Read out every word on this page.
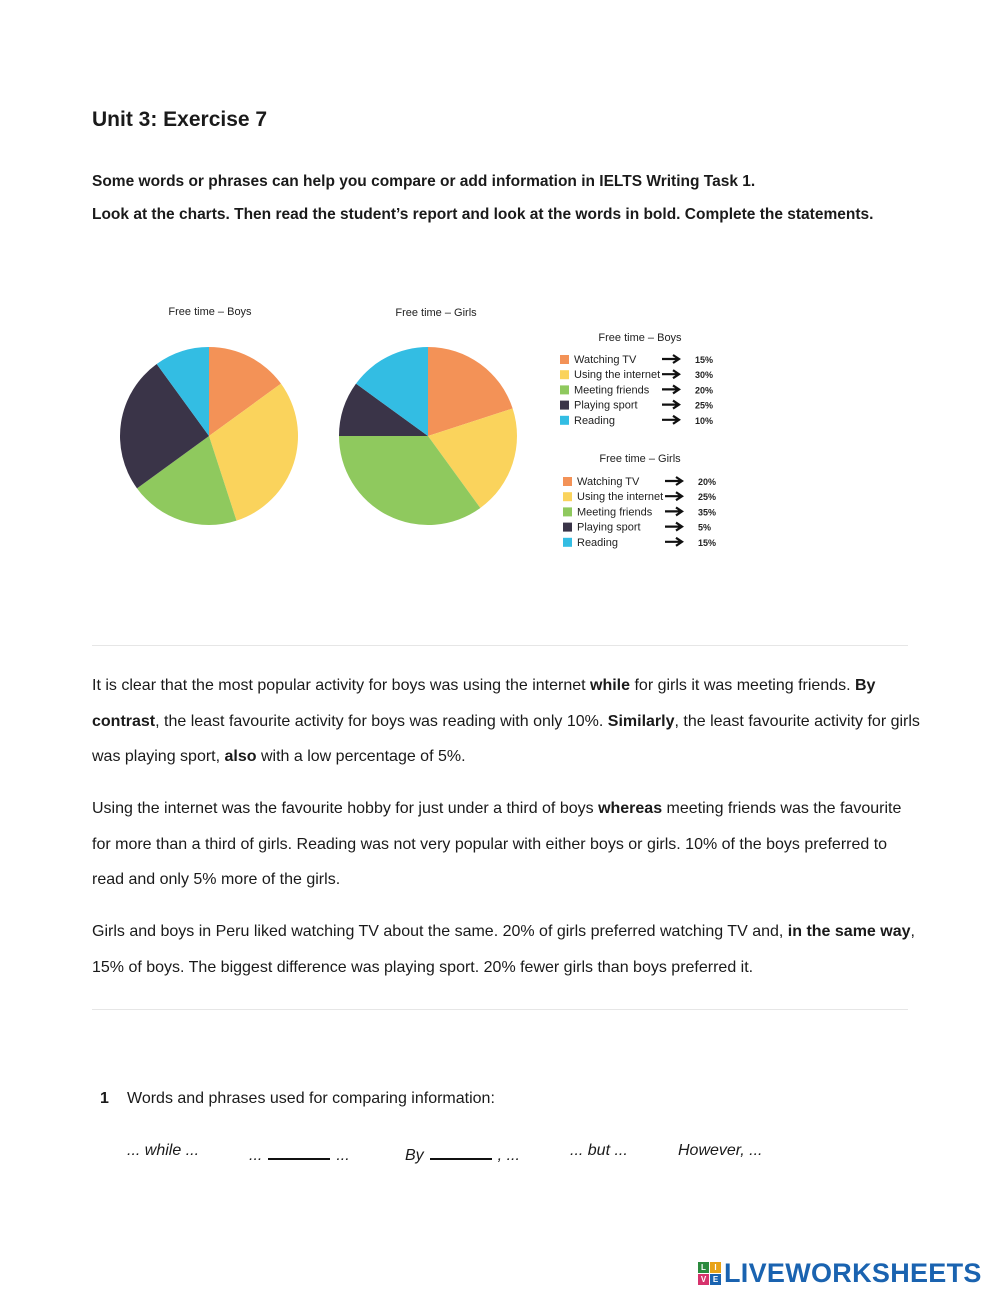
Unit 3: Exercise 7

Some words or phrases can help you compare or add information in IELTS Writing Task 1.

Look at the charts. Then read the student’s report and look at the words in bold. Complete the statements.

Free time – Boys	Free time – Girls
Free time – Boys
Watching TV	15%
Using the internet	30%
Meeting friends	20%
Playing sport	25%
Reading	10%
Free time – Girls
Watching TV	20%
Using the internet	25%
Meeting friends	35%
Playing sport	5%
Reading	15%

It is clear that the most popular activity for boys was using the internet while for girls it was meeting friends. By contrast, the least favourite activity for boys was reading with only 10%. Similarly, the least favourite activity for girls was playing sport, also with a low percentage of 5%.

Using the internet was the favourite hobby for just under a third of boys whereas meeting friends was the favourite for more than a third of girls. Reading was not very popular with either boys or girls. 10% of the boys preferred to read and only 5% more of the girls.

Girls and boys in Peru liked watching TV about the same. 20% of girls preferred watching TV and, in the same way, 15% of boys. The biggest difference was playing sport. 20% fewer girls than boys preferred it.

1 Words and phrases used for comparing information:
... while ...	...	...	By	, ...	... but ...	However, ...
L	I
V E LIVEWORKSHEETS
